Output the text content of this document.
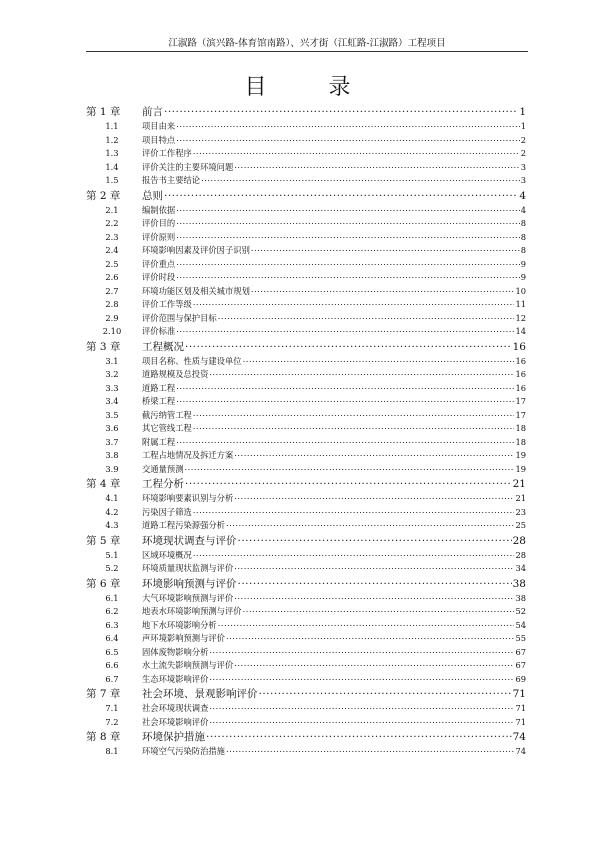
江淑路（滨兴路-体育馆南路）、兴才街（江虹路-江淑路）工程项目
目　录
第 1 章	前言 .....	1
1.1	项目由来 .....	1
1.2	项目特点 .....	2
1.3	评价工作程序 .....	2
1.4	评价关注的主要环境问题 .....	3
1.5	报告书主要结论 .....	3
第 2 章	总则 .....	4
2.1	编制依据 .....	4
2.2	评价目的 .....	8
2.3	评价原则 .....	8
2.4	环境影响因素及评价因子识别 .....	8
2.5	评价重点 .....	9
2.6	评价时段 .....	9
2.7	环境功能区划及相关城市规划 .....	10
2.8	评价工作等级 .....	11
2.9	评价范围与保护目标 .....	12
2.10	评价标准 .....	14
第 3 章	工程概况 .....	16
3.1	项目名称、性质与建设单位 .....	16
3.2	道路规模及总投资 .....	16
3.3	道路工程 .....	16
3.4	桥梁工程 .....	17
3.5	截污纳管工程 .....	17
3.6	其它管线工程 .....	18
3.7	附属工程 .....	18
3.8	工程占地情况及拆迁方案 .....	19
3.9	交通量预测 .....	19
第 4 章	工程分析 .....	21
4.1	环境影响要素识别与分析 .....	21
4.2	污染因子筛选 .....	23
4.3	道路工程污染源强分析 .....	25
第 5 章	环境现状调查与评价 .....	28
5.1	区域环境概况 .....	28
5.2	环境质量现状监测与评价 .....	34
第 6 章	环境影响预测与评价 .....	38
6.1	大气环境影响预测与评价 .....	38
6.2	地表水环境影响预测与评价 .....	52
6.3	地下水环境影响分析 .....	54
6.4	声环境影响预测与评价 .....	55
6.5	固体废物影响分析 .....	67
6.6	水土流失影响预测与评价 .....	67
6.7	生态环境影响评价 .....	69
第 7 章	社会环境、景观影响评价 .....	71
7.1	社会环境现状调查 .....	71
7.2	社会环境影响评价 .....	71
第 8 章	环境保护措施 .....	74
8.1	环境空气污染防治措施 .....	74
